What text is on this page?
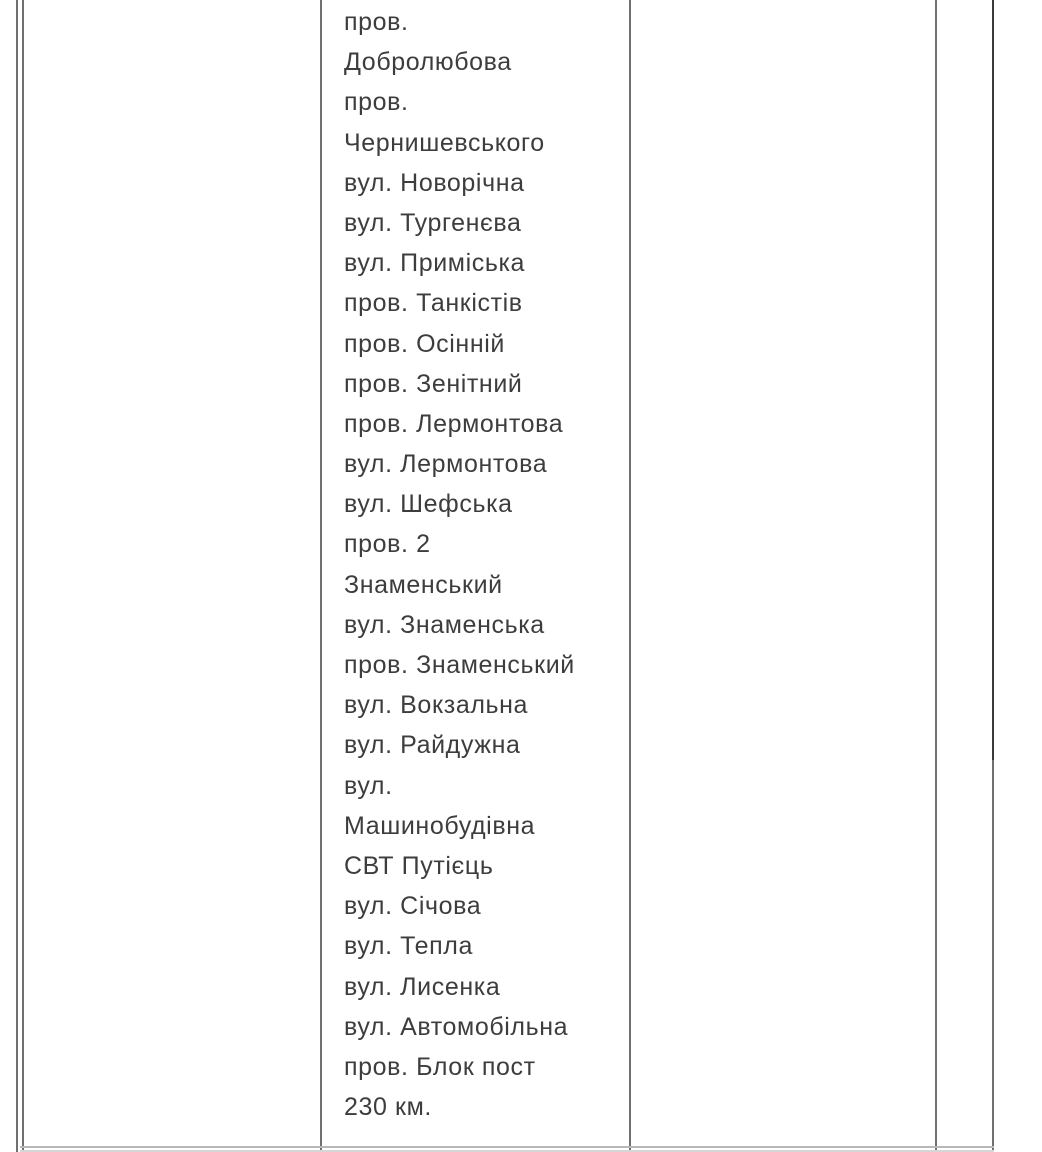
пров.
Добролюбова
пров.
Чернишевського
вул. Новорічна
вул. Тургенєва
вул. Приміська
пров. Танкістів
пров. Осінній
пров. Зенітний
пров. Лермонтова
вул. Лермонтова
вул. Шефська
пров. 2
Знаменський
вул. Знаменська
пров. Знаменський
вул. Вокзальна
вул. Райдужна
вул.
Машинобудівна
СВТ Путієць
вул. Січова
вул. Тепла
вул. Лисенка
вул. Автомобільна
пров. Блок пост
230 км.
